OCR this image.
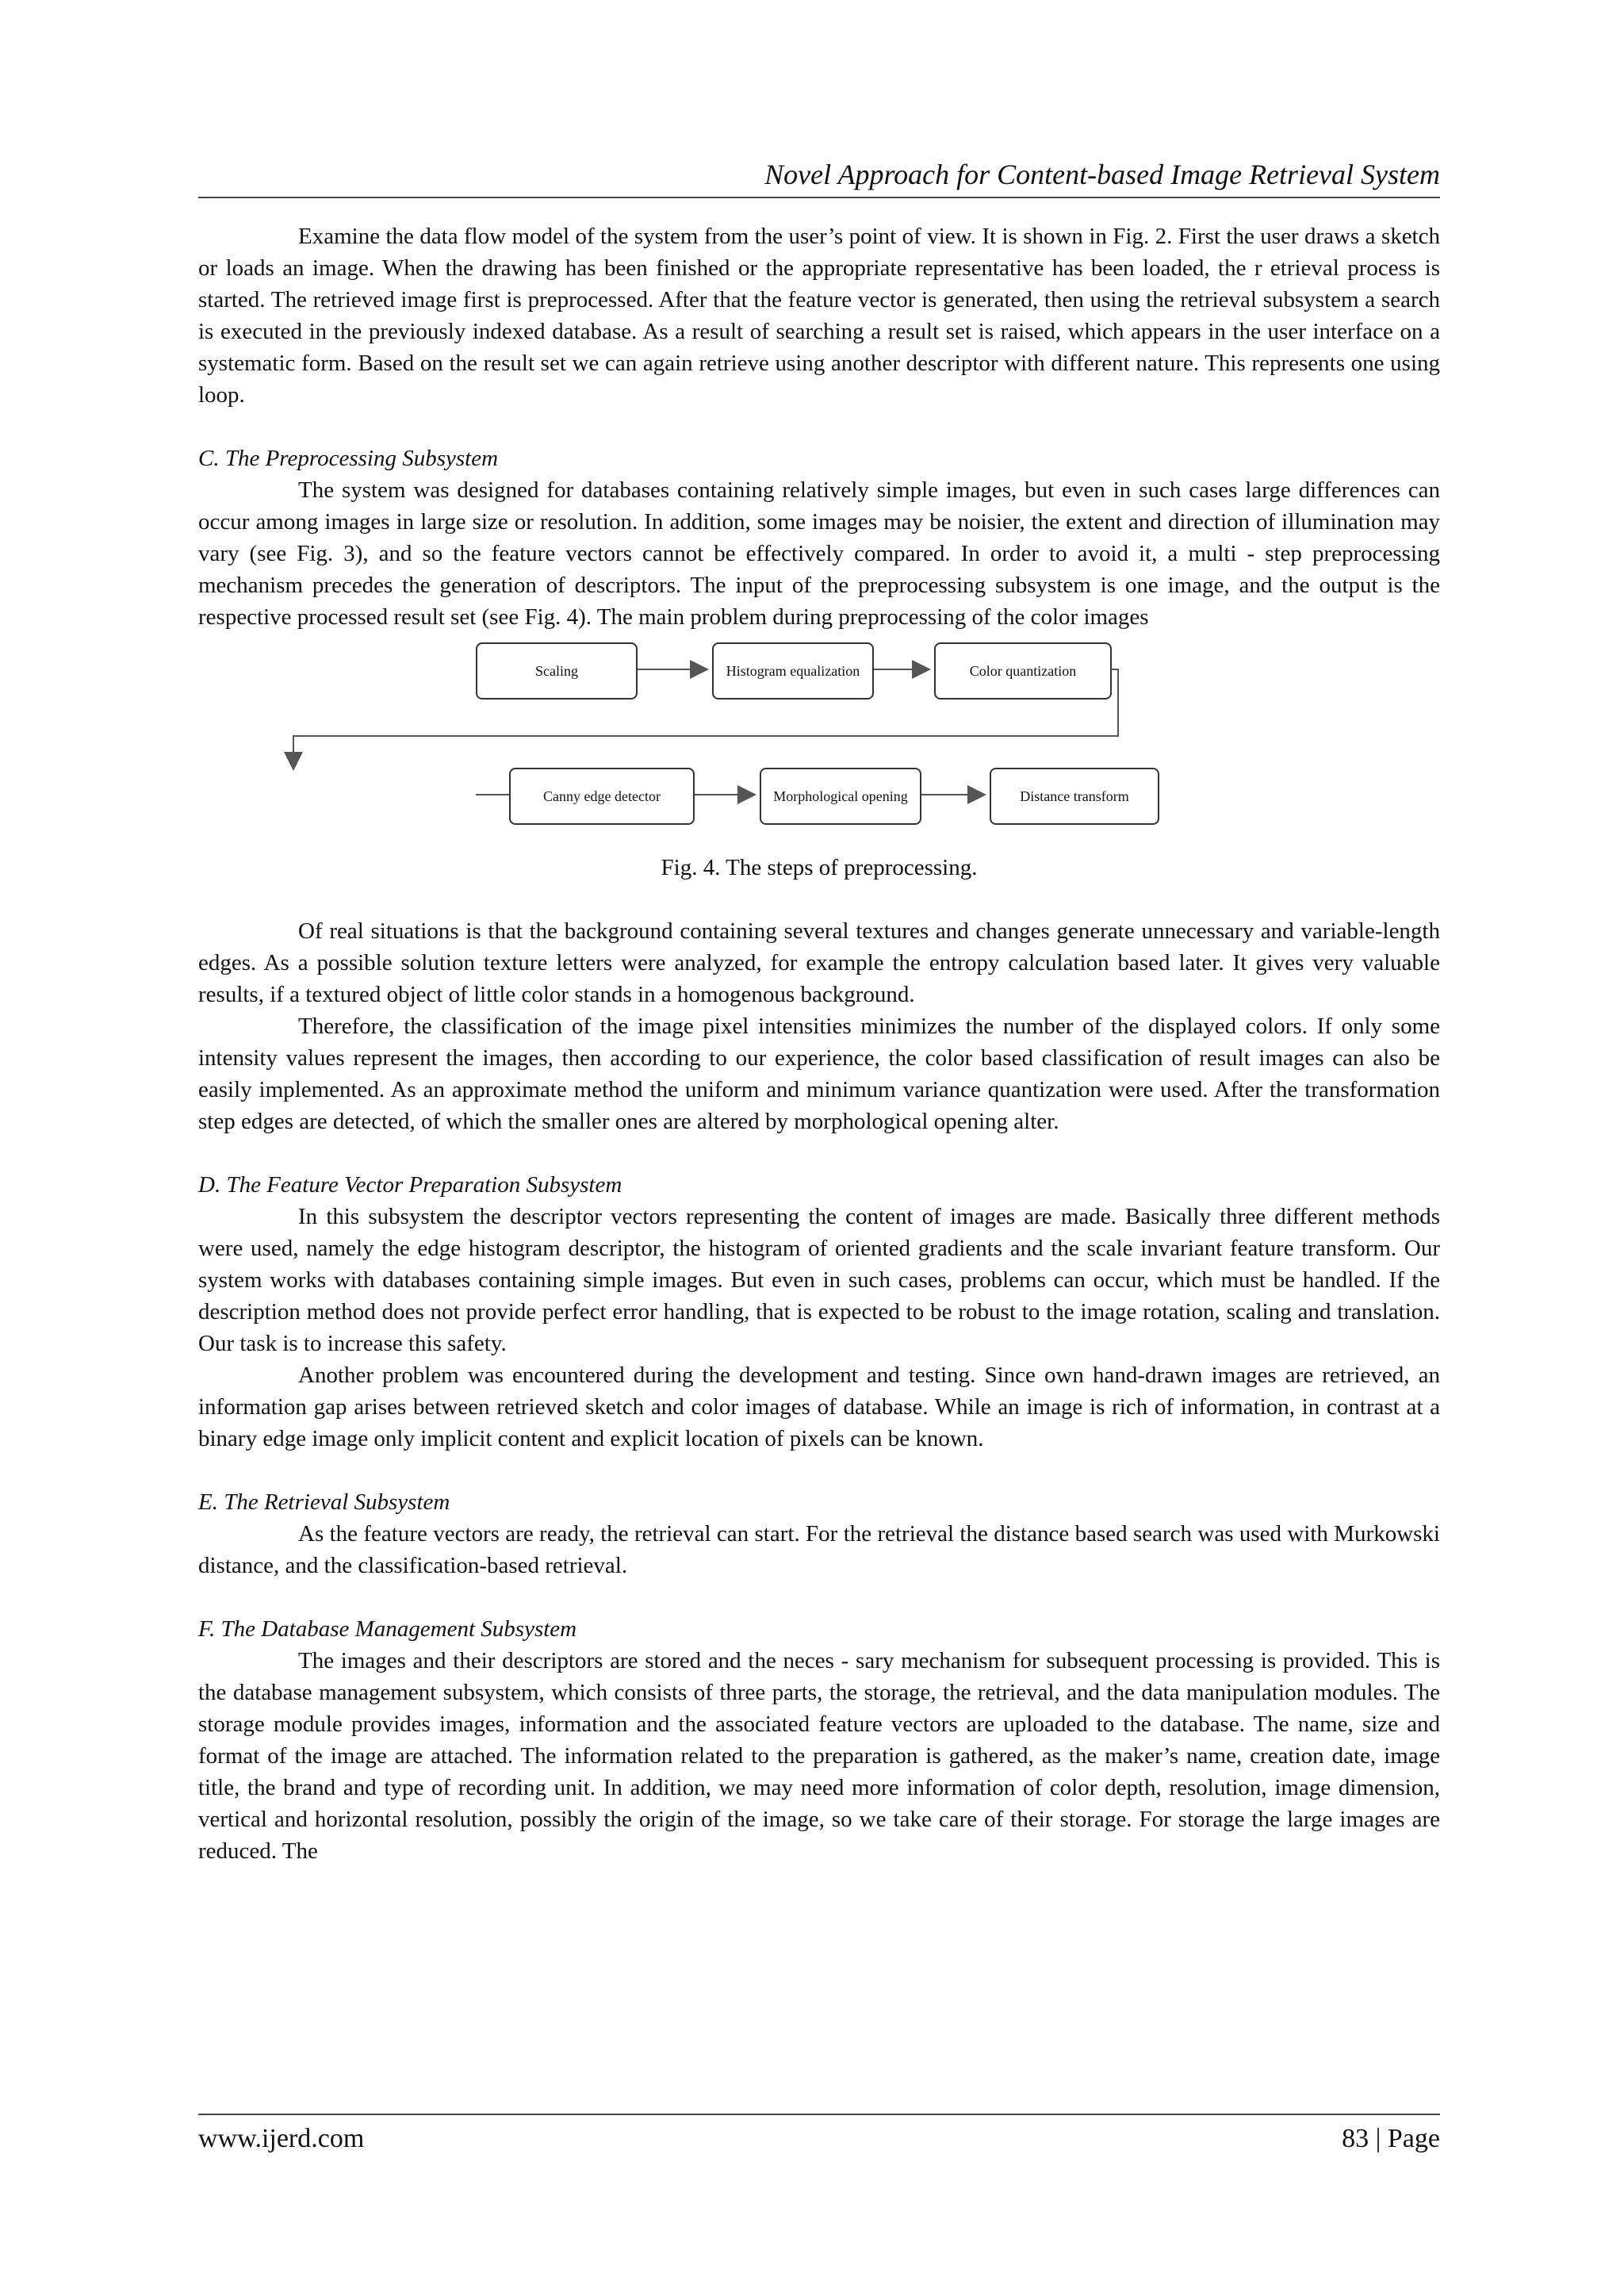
Novel Approach for Content-based Image Retrieval System

Examine the data flow model of the system from the user’s point of view. It is shown in Fig. 2. First the user draws a sketch or loads an image. When the drawing has been finished or the appropriate representative has been loaded, the r etrieval process is started. The retrieved image first is preprocessed. After that the feature vector is generated, then using the retrieval subsystem a search is executed in the previously indexed database. As a result of searching a result set is raised, which appears in the user interface on a systematic form. Based on the result set we can again retrieve using another descriptor with different nature. This represents one using loop.

C. The Preprocessing Subsystem

The system was designed for databases containing relatively simple images, but even in such cases large differences can occur among images in large size or resolution. In addition, some images may be noisier, the extent and direction of illumination may vary (see Fig. 3), and so the feature vectors cannot be effectively compared. In order to avoid it, a multi - step preprocessing mechanism precedes the generation of descriptors. The input of the preprocessing subsystem is one image, and the output is the respective processed result set (see Fig. 4). The main problem during preprocessing of the color images

Scaling	Histogram equalization	Color quantization
Canny edge detector	Morphological opening	Distance transform

Fig. 4. The steps of preprocessing.

Of real situations is that the background containing several textures and changes generate unnecessary and variable-length edges. As a possible solution texture letters were analyzed, for example the entropy calculation based later. It gives very valuable results, if a textured object of little color stands in a homogenous background.

Therefore, the classification of the image pixel intensities minimizes the number of the displayed colors. If only some intensity values represent the images, then according to our experience, the color based classification of result images can also be easily implemented. As an approximate method the uniform and minimum variance quantization were used. After the transformation step edges are detected, of which the smaller ones are altered by morphological opening alter.

D. The Feature Vector Preparation Subsystem

In this subsystem the descriptor vectors representing the content of images are made. Basically three different methods were used, namely the edge histogram descriptor, the histogram of oriented gradients and the scale invariant feature transform. Our system works with databases containing simple images. But even in such cases, problems can occur, which must be handled. If the description method does not provide perfect error handling, that is expected to be robust to the image rotation, scaling and translation. Our task is to increase this safety.

Another problem was encountered during the development and testing. Since own hand-drawn images are retrieved, an information gap arises between retrieved sketch and color images of database. While an image is rich of information, in contrast at a binary edge image only implicit content and explicit location of pixels can be known.

E. The Retrieval Subsystem

As the feature vectors are ready, the retrieval can start. For the retrieval the distance based search was used with Murkowski distance, and the classification-based retrieval.

F. The Database Management Subsystem

The images and their descriptors are stored and the neces - sary mechanism for subsequent processing is provided. This is the database management subsystem, which consists of three parts, the storage, the retrieval, and the data manipulation modules. The storage module provides images, information and the associated feature vectors are uploaded to the database. The name, size and format of the image are attached. The information related to the preparation is gathered, as the maker’s name, creation date, image title, the brand and type of recording unit. In addition, we may need more information of color depth, resolution, image dimension, vertical and horizontal resolution, possibly the origin of the image, so we take care of their storage. For storage the large images are reduced. The

www.ijerd.com	83 | Page
